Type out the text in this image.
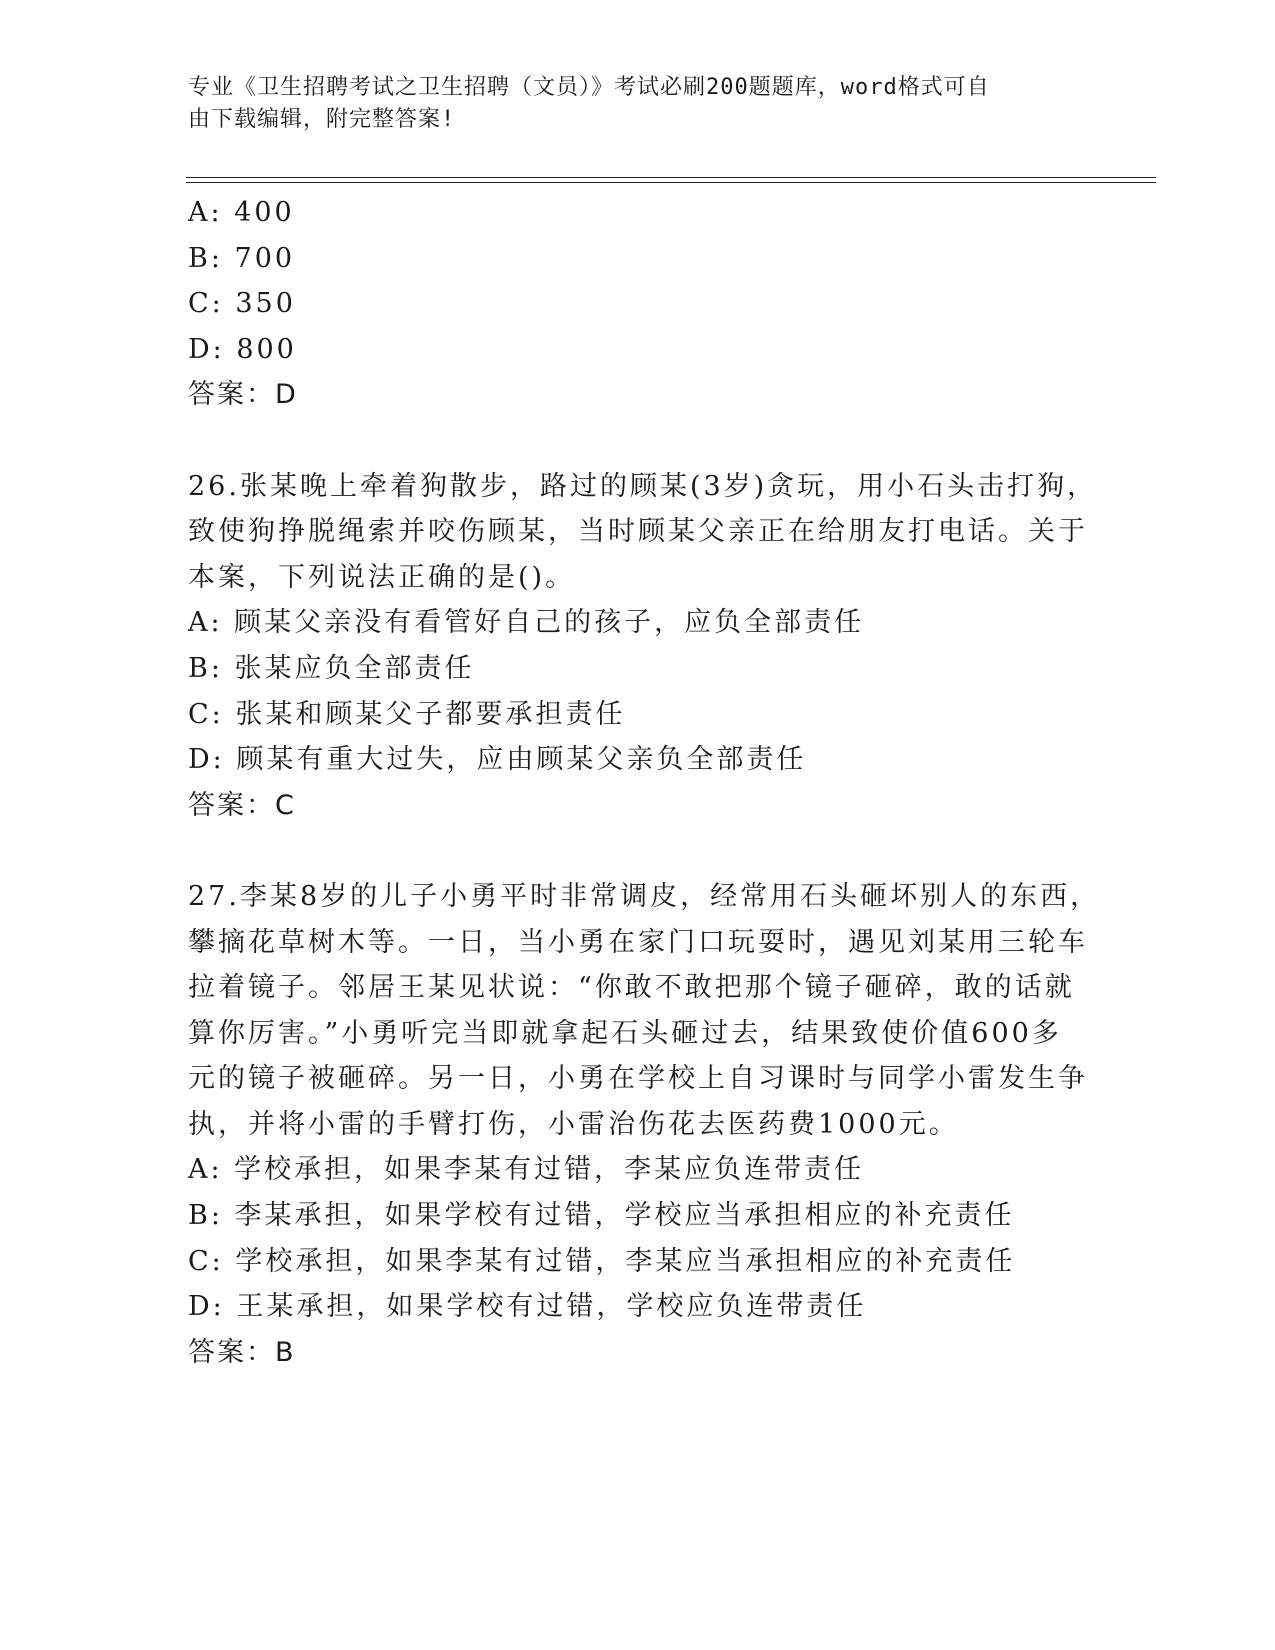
专业《卫生招聘考试之卫生招聘（文员）》考试必刷200题题库，word格式可自
由下载编辑，附完整答案!
A: 400
B: 700
C: 350
D: 800
答案：D
26.张某晚上牵着狗散步，路过的顾某(3岁)贪玩，用小石头击打狗，
致使狗挣脱绳索并咬伤顾某，当时顾某父亲正在给朋友打电话。关于
本案，下列说法正确的是()。
A: 顾某父亲没有看管好自己的孩子，应负全部责任
B: 张某应负全部责任
C: 张某和顾某父子都要承担责任
D: 顾某有重大过失，应由顾某父亲负全部责任
答案：C
27.李某8岁的儿子小勇平时非常调皮，经常用石头砸坏别人的东西，
攀摘花草树木等。一日，当小勇在家门口玩耍时，遇见刘某用三轮车
拉着镜子。邻居王某见状说：“你敢不敢把那个镜子砸碎，敢的话就
算你厉害。”小勇听完当即就拿起石头砸过去，结果致使价值600多
元的镜子被砸碎。另一日，小勇在学校上自习课时与同学小雷发生争
执，并将小雷的手臂打伤，小雷治伤花去医药费1000元。
A: 学校承担，如果李某有过错，李某应负连带责任
B: 李某承担，如果学校有过错，学校应当承担相应的补充责任
C: 学校承担，如果李某有过错，李某应当承担相应的补充责任
D: 王某承担，如果学校有过错，学校应负连带责任
答案：B
